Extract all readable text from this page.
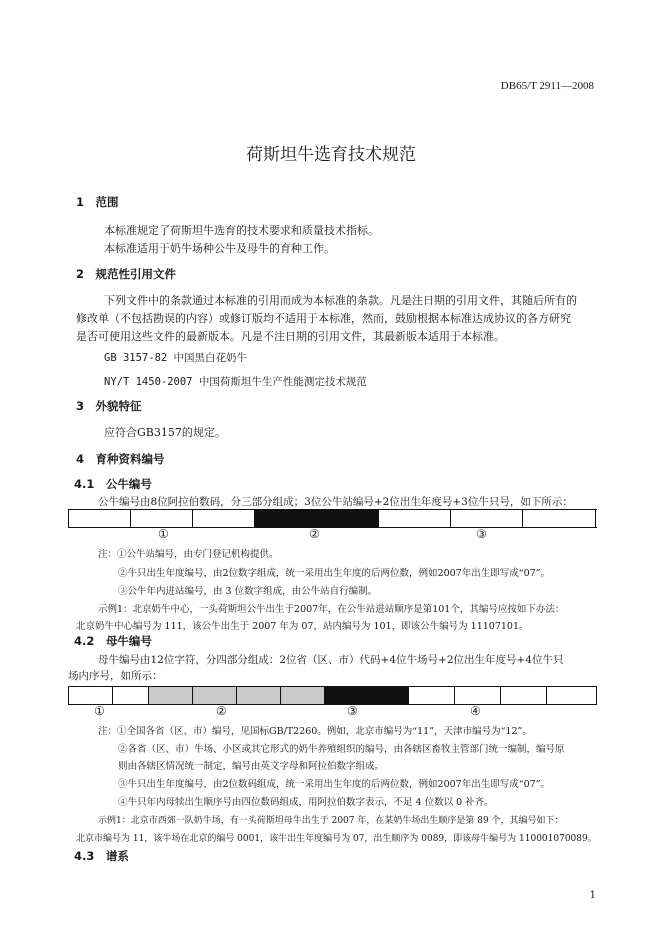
DB65/T 2911—2008
荷斯坦牛选育技术规范
1　范围
本标准规定了荷斯坦牛选育的技术要求和质量技术指标。
本标准适用于奶牛场种公牛及母牛的育种工作。
2　规范性引用文件
下列文件中的条款通过本标准的引用而成为本标准的条款。凡是注日期的引用文件，其随后所有的
修改单（不包括勘误的内容）或修订版均不适用于本标准，然而，鼓励根据本标准达成协议的各方研究
是否可使用这些文件的最新版本。凡是不注日期的引用文件，其最新版本适用于本标准。
GB 3157-82 中国黑白花奶牛
NY/T 1450-2007 中国荷斯坦牛生产性能测定技术规范
3　外貌特征
应符合GB3157的规定。
4　育种资料编号
4.1　公牛编号
公牛编号由8位阿拉伯数码，分三部分组成；3位公牛站编号+2位出生年度号+3位牛只号，如下所示：
①	②	③
注：①公牛站编号，由专门登记机构提供。
②牛只出生年度编号，由2位数字组成，统一采用出生年度的后两位数，例如2007年出生即写成“07”。
③公牛年内进站编号，由 3 位数字组成，由公牛站自行编制。
示例1：北京奶牛中心，一头荷斯坦公牛出生于2007年，在公牛站进站顺序是第101个，其编号应按如下办法：
北京奶牛中心编号为 111，该公牛出生于 2007 年为 07，站内编号为 101，即该公牛编号为 11107101。
4.2　母牛编号
母牛编号由12位字符，分四部分组成：2位省（区、市）代码+4位牛场号+2位出生年度号+4位牛只
场内序号，如所示：
①	②	③	④
注：①全国各省（区、市）编号，见国标GB/T2260。例如，北京市编号为“11”，天津市编号为“12”。
②各省（区、市）牛场、小区或其它形式的奶牛养殖组织的编号，由各辖区畜牧主管部门统一编制，编号原
则由各辖区情况统一制定，编号由英文字母和阿拉伯数字组成。
③牛只出生年度编号，由2位数码组成，统一采用出生年度的后两位数，例如2007年出生即写成“07”。
④牛只年内母犊出生顺序号由四位数码组成，用阿拉伯数字表示，不足 4 位数以 0 补齐。
示例1：北京市西郊一队奶牛场，有一头荷斯坦母牛出生于 2007 年，在某奶牛场出生顺序是第 89 个，其编号如下：
北京市编号为 11，该牛场在北京的编号 0001，该牛出生年度编号为 07，出生顺序为 0089，即该母牛编号为 110001070089。
4.3　谱系
1
